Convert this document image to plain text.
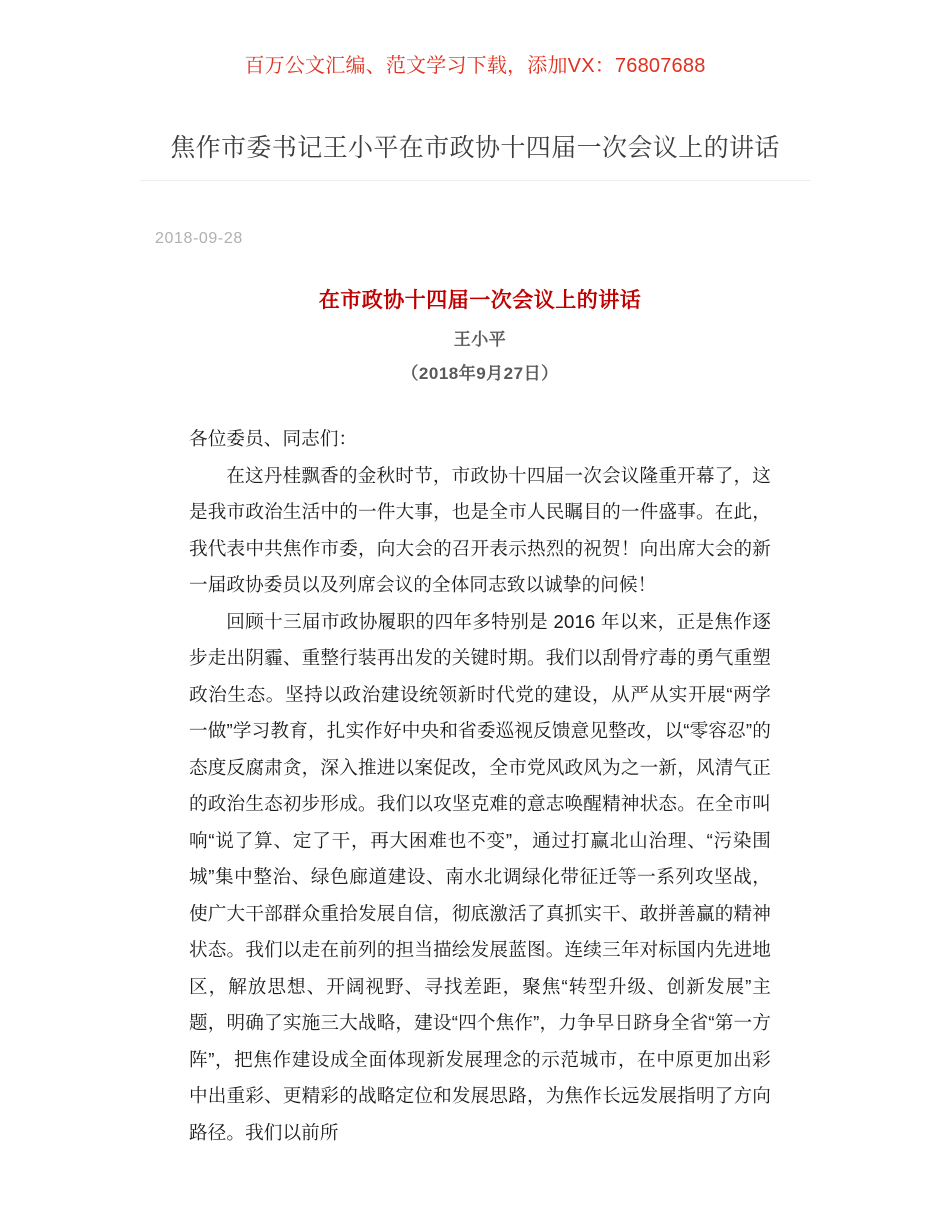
百万公文汇编、范文学习下载，添加VX：76807688
焦作市委书记王小平在市政协十四届一次会议上的讲话
2018-09-28
在市政协十四届一次会议上的讲话
王小平
（2018年9月27日）

各位委员、同志们：

在这丹桂飘香的金秋时节，市政协十四届一次会议隆重开幕了，这是我市政治生活中的一件大事，也是全市人民瞩目的一件盛事。在此，我代表中共焦作市委，向大会的召开表示热烈的祝贺！向出席大会的新一届政协委员以及列席会议的全体同志致以诚挚的问候！

回顾十三届市政协履职的四年多特别是 2016 年以来，正是焦作逐步走出阴霾、重整行装再出发的关键时期。我们以刮骨疗毒的勇气重塑政治生态。坚持以政治建设统领新时代党的建设，从严从实开展“两学一做”学习教育，扎实作好中央和省委巡视反馈意见整改，以“零容忍”的态度反腐肃贪，深入推进以案促改，全市党风政风为之一新，风清气正的政治生态初步形成。我们以攻坚克难的意志唤醒精神状态。在全市叫响“说了算、定了干，再大困难也不变”，通过打赢北山治理、“污染围城”集中整治、绿色廊道建设、南水北调绿化带征迁等一系列攻坚战，使广大干部群众重拾发展自信，彻底激活了真抓实干、敢拼善赢的精神状态。我们以走在前列的担当描绘发展蓝图。连续三年对标国内先进地区，解放思想、开阔视野、寻找差距，聚焦“转型升级、创新发展”主题，明确了实施三大战略，建设“四个焦作”，力争早日跻身全省“第一方阵”，把焦作建设成全面体现新发展理念的示范城市，在中原更加出彩中出重彩、更精彩的战略定位和发展思路，为焦作长远发展指明了方向路径。我们以前所
